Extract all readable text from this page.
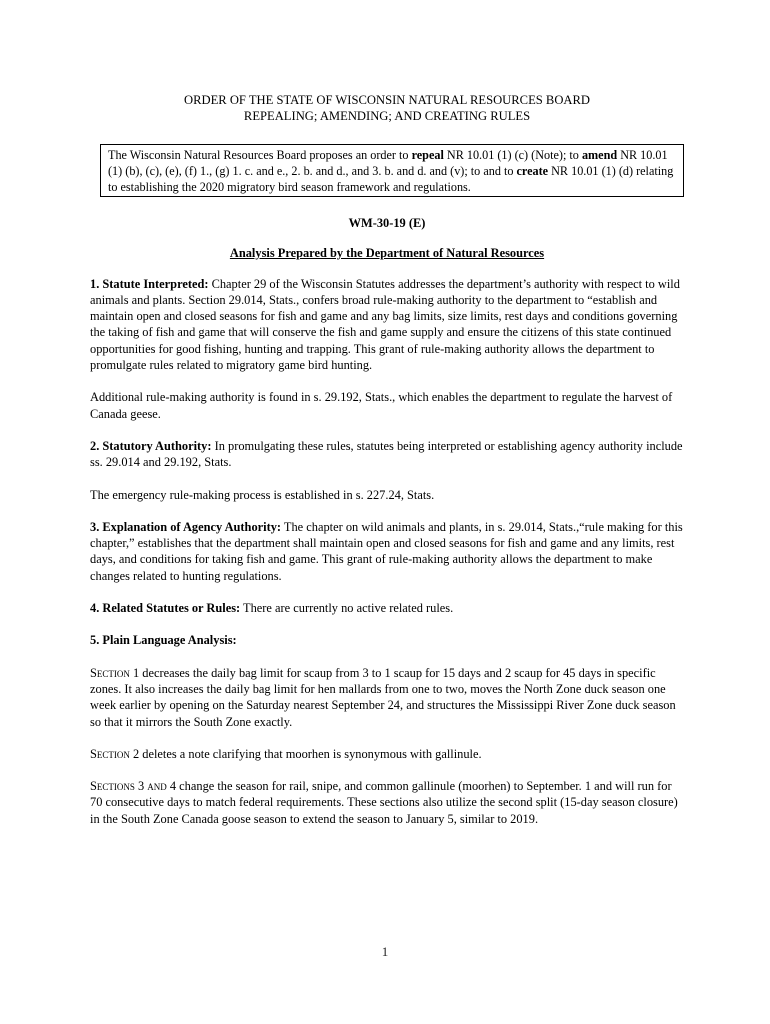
ORDER OF THE STATE OF WISCONSIN NATURAL RESOURCES BOARD

REPEALING; AMENDING; AND CREATING RULES

The Wisconsin Natural Resources Board proposes an order to repeal NR 10.01 (1) (c) (Note); to amend NR 10.01 (1) (b), (c), (e), (f) 1., (g) 1. c. and e., 2. b. and d., and 3. b. and d. and (v); to and to create NR 10.01 (1) (d) relating to establishing the 2020 migratory bird season framework and regulations.

WM-30-19 (E)

Analysis Prepared by the Department of Natural Resources

1. Statute Interpreted: Chapter 29 of the Wisconsin Statutes addresses the department’s authority with respect to wild animals and plants. Section 29.014, Stats., confers broad rule-making authority to the department to “establish and maintain open and closed seasons for fish and game and any bag limits, size limits, rest days and conditions governing the taking of fish and game that will conserve the fish and game supply and ensure the citizens of this state continued opportunities for good fishing, hunting and trapping. This grant of rule-making authority allows the department to promulgate rules related to migratory game bird hunting.

Additional rule-making authority is found in s. 29.192, Stats., which enables the department to regulate the harvest of Canada geese.

2. Statutory Authority: In promulgating these rules, statutes being interpreted or establishing agency authority include ss. 29.014 and 29.192, Stats.

The emergency rule-making process is established in s. 227.24, Stats.

3. Explanation of Agency Authority: The chapter on wild animals and plants, in s. 29.014, Stats.,“rule making for this chapter,” establishes that the department shall maintain open and closed seasons for fish and game and any limits, rest days, and conditions for taking fish and game. This grant of rule-making authority allows the department to make changes related to hunting regulations.

4. Related Statutes or Rules: There are currently no active related rules.

5. Plain Language Analysis:

Section 1 decreases the daily bag limit for scaup from 3 to 1 scaup for 15 days and 2 scaup for 45 days in specific zones. It also increases the daily bag limit for hen mallards from one to two, moves the North Zone duck season one week earlier by opening on the Saturday nearest September 24, and structures the Mississippi River Zone duck season so that it mirrors the South Zone exactly.

Section 2 deletes a note clarifying that moorhen is synonymous with gallinule.

Sections 3 and 4 change the season for rail, snipe, and common gallinule (moorhen) to September. 1 and will run for 70 consecutive days to match federal requirements. These sections also utilize the second split (15-day season closure) in the South Zone Canada goose season to extend the season to January 5, similar to 2019.

1
